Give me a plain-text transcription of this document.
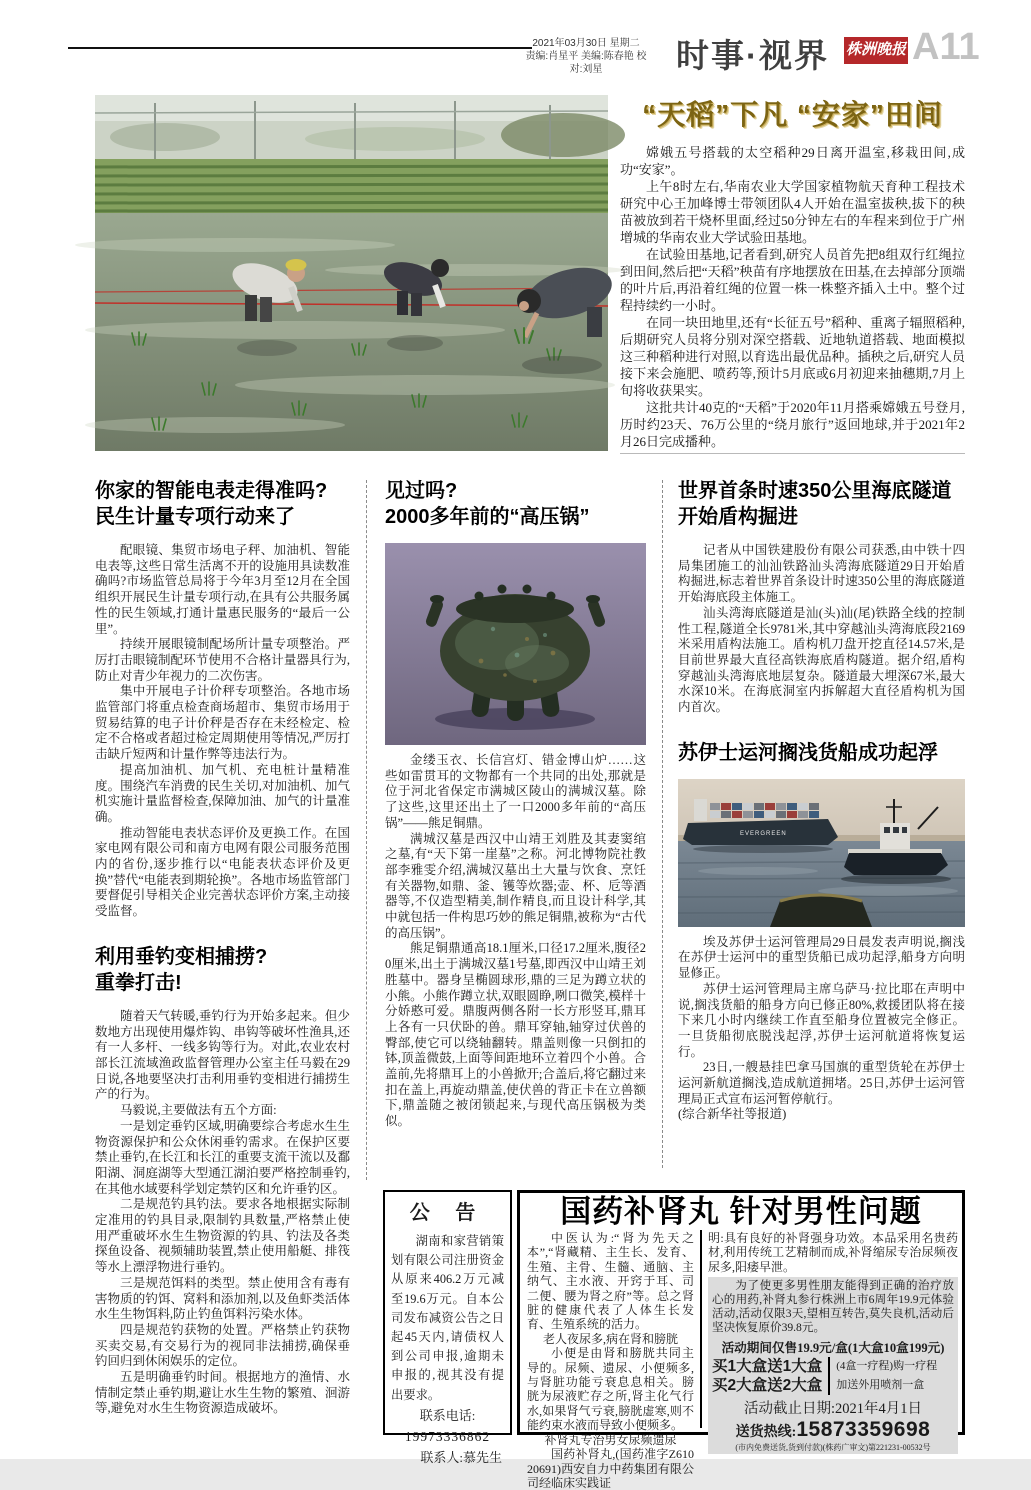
2021年03月30日 星期二
责编:肖星平 美编:陈春艳 校对:刘星	时事·视界 株洲晚报 A11
“天稻”下凡 “安家”田间

嫦娥五号搭载的太空稻种29日离开温室,移栽田间,成功“安家”。

上午8时左右,华南农业大学国家植物航天育种工程技术研究中心王加峰博士带领团队4人开始在温室拔秧,拔下的秧苗被放到若干烧杯里面,经过50分钟左右的车程来到位于广州增城的华南农业大学试验田基地。

在试验田基地,记者看到,研究人员首先把8组双行红绳拉到田间,然后把“天稻”秧苗有序地摆放在田基,在去掉部分顶端的叶片后,再沿着红绳的位置一株一株整齐插入土中。整个过程持续约一小时。

在同一块田地里,还有“长征五号”稻种、重离子辐照稻种,后期研究人员将分别对深空搭载、近地轨道搭载、地面模拟这三种稻种进行对照,以育选出最优品种。插秧之后,研究人员接下来会施肥、喷药等,预计5月底或6月初迎来抽穗期,7月上旬将收获果实。

这批共计40克的“天稻”于2020年11月搭乘嫦娥五号登月,历时约23天、76万公里的“绕月旅行”返回地球,并于2021年2月26日完成播种。

你家的智能电表走得准吗?
民生计量专项行动来了

配眼镜、集贸市场电子秤、加油机、智能电表等,这些日常生活离不开的设施用具读数准确吗?市场监管总局将于今年3月至12月在全国组织开展民生计量专项行动,在具有公共服务属性的民生领域,打通计量惠民服务的“最后一公里”。

持续开展眼镜制配场所计量专项整治。严厉打击眼镜制配环节使用不合格计量器具行为,防止对青少年视力的二次伤害。

集中开展电子计价秤专项整治。各地市场监管部门将重点检查商场超市、集贸市场用于贸易结算的电子计价秤是否存在未经检定、检定不合格或者超过检定周期使用等情况,严厉打击缺斤短两和计量作弊等违法行为。

提高加油机、加气机、充电桩计量精准度。围绕汽车消费的民生关切,对加油机、加气机实施计量监督检查,保障加油、加气的计量准确。

推动智能电表状态评价及更换工作。在国家电网有限公司和南方电网有限公司服务范围内的省份,逐步推行以“电能表状态评价及更换”替代“电能表到期轮换”。各地市场监管部门要督促引导相关企业完善状态评价方案,主动接受监督。

利用垂钓变相捕捞?
重拳打击!

随着天气转暖,垂钓行为开始多起来。但少数地方出现使用爆炸钩、串钩等破坏性渔具,还有一人多杆、一线多钩等行为。对此,农业农村部长江流域渔政监督管理办公室主任马毅在29日说,各地要坚决打击利用垂钓变相进行捕捞生产的行为。

马毅说,主要做法有五个方面:

一是划定垂钓区域,明确要综合考虑水生生物资源保护和公众休闲垂钓需求。在保护区要禁止垂钓,在长江和长江的重要支流干流以及鄱阳湖、洞庭湖等大型通江湖泊要严格控制垂钓,在其他水域要科学划定禁钓区和允许垂钓区。

二是规范钓具钓法。要求各地根据实际制定准用的钓具目录,限制钓具数量,严格禁止使用严重破坏水生生物资源的钓具、钓法及各类探鱼设备、视频辅助装置,禁止使用船艇、排筏等水上漂浮物进行垂钓。

三是规范饵料的类型。禁止使用含有毒有害物质的钓饵、窝料和添加剂,以及鱼虾类活体水生生物饵料,防止钓鱼饵料污染水体。

四是规范钓获物的处置。严格禁止钓获物买卖交易,有交易行为的视同非法捕捞,确保垂钓回归到休闲娱乐的定位。

五是明确垂钓时间。根据地方的渔情、水情制定禁止垂钓期,避让水生生物的繁殖、洄游等,避免对水生生物资源造成破坏。

见过吗?
2000多年前的“高压锅”

金缕玉衣、长信宫灯、错金博山炉……这些如雷贯耳的文物都有一个共同的出处,那就是位于河北省保定市满城区陵山的满城汉墓。除了这些,这里还出土了一口2000多年前的“高压锅”——熊足铜鼎。

满城汉墓是西汉中山靖王刘胜及其妻窦绾之墓,有“天下第一崖墓”之称。河北博物院社教部李雅雯介绍,满城汉墓出土大量与饮食、烹饪有关器物,如鼎、釜、镬等炊器;壶、杯、卮等酒器等,不仅造型精美,制作精良,而且设计科学,其中就包括一件构思巧妙的熊足铜鼎,被称为“古代的高压锅”。

熊足铜鼎通高18.1厘米,口径17.2厘米,腹径20厘米,出土于满城汉墓1号墓,即西汉中山靖王刘胜墓中。器身呈椭圆球形,鼎的三足为蹲立状的小熊。小熊作蹲立状,双眼圆睁,咧口微笑,模样十分娇憨可爱。鼎腹两侧各附一长方形竖耳,鼎耳上各有一只伏卧的兽。鼎耳穿轴,轴穿过伏兽的臀部,使它可以绕轴翻转。鼎盖则像一只倒扣的钵,顶盖微鼓,上面等间距地环立着四个小兽。合盖前,先将鼎耳上的小兽掀开;合盖后,将它翻过来扣在盖上,再旋动鼎盖,使伏兽的背正卡在立兽额下,鼎盖随之被闭锁起来,与现代高压锅极为类似。

世界首条时速350公里海底隧道
开始盾构掘进

记者从中国铁建股份有限公司获悉,由中铁十四局集团施工的汕汕铁路汕头湾海底隧道29日开始盾构掘进,标志着世界首条设计时速350公里的海底隧道开始海底段主体施工。

汕头湾海底隧道是汕(头)汕(尾)铁路全线的控制性工程,隧道全长9781米,其中穿越汕头湾海底段2169米采用盾构法施工。盾构机刀盘开挖直径14.57米,是目前世界最大直径高铁海底盾构隧道。据介绍,盾构穿越汕头湾海底地层复杂。隧道最大埋深67米,最大水深10米。在海底洞室内拆解超大直径盾构机为国内首次。

苏伊士运河搁浅货船成功起浮
EVERGREEN

埃及苏伊士运河管理局29日晨发表声明说,搁浅在苏伊士运河中的重型货船已成功起浮,船身方向明显修正。

苏伊士运河管理局主席乌萨马·拉比耶在声明中说,搁浅货船的船身方向已修正80%,救援团队将在接下来几小时内继续工作直至船身位置被完全修正。一旦货船彻底脱浅起浮,苏伊士运河航道将恢复运行。

23日,一艘悬挂巴拿马国旗的重型货轮在苏伊士运河新航道搁浅,造成航道拥堵。25日,苏伊士运河管理局正式宣布运河暂停航行。

(综合新华社等报道)

公 告

湖南和家营销策划有限公司注册资金从原来406.2万元减至19.6万元。自本公司发布减资公告之日起45天内,请债权人到公司申报,逾期未申报的,视其没有提出要求。

联系电话:
19973336862
联系人:慕先生
国药补肾丸 针对男性问题

中医认为:“肾为先天之本”,“肾藏精、主生长、发育、生殖、主骨、生髓、通脑、主纳气、主水液、开窍于耳、司二便、腰为肾之府”等。总之肾脏的健康代表了人体生长发育、生殖系统的活力。

老人夜尿多,病在肾和膀胱

小便是由肾和膀胱共同主导的。尿频、遗尿、小便频多,与肾脏功能亏衰息息相关。膀胱为尿液贮存之所,肾主化气行水,如果肾气亏衰,膀胱虚寒,则不能约束水液而导致小便频多。

补肾丸专治男女尿频遗尿

国药补肾丸,(国药准字Z61020691)西安自力中药集团有限公司经临床实践证

明:具有良好的补肾强身功效。本品采用名贵药材,利用传统工艺精制而成,补肾缩尿专治尿频夜尿多,阳痿早泄。

为了使更多男性朋友能得到正确的治疗放心的用药,补肾丸参行株洲上市6周年19.9元体验活动,活动仅限3天,望相互转告,莫失良机,活动后坚决恢复原价39.8元。

活动期间仅售19.9元/盒(1大盒10盒199元)
买1大盒送1大盒
买2大盒送2大盒
(4盒一疗程)购一疗程
加送外用喷剂一盒
活动截止日期:2021年4月1日
送货热线:15873359698
(市内免费送货,货到付款)(株药广审文)第221231-00532号
